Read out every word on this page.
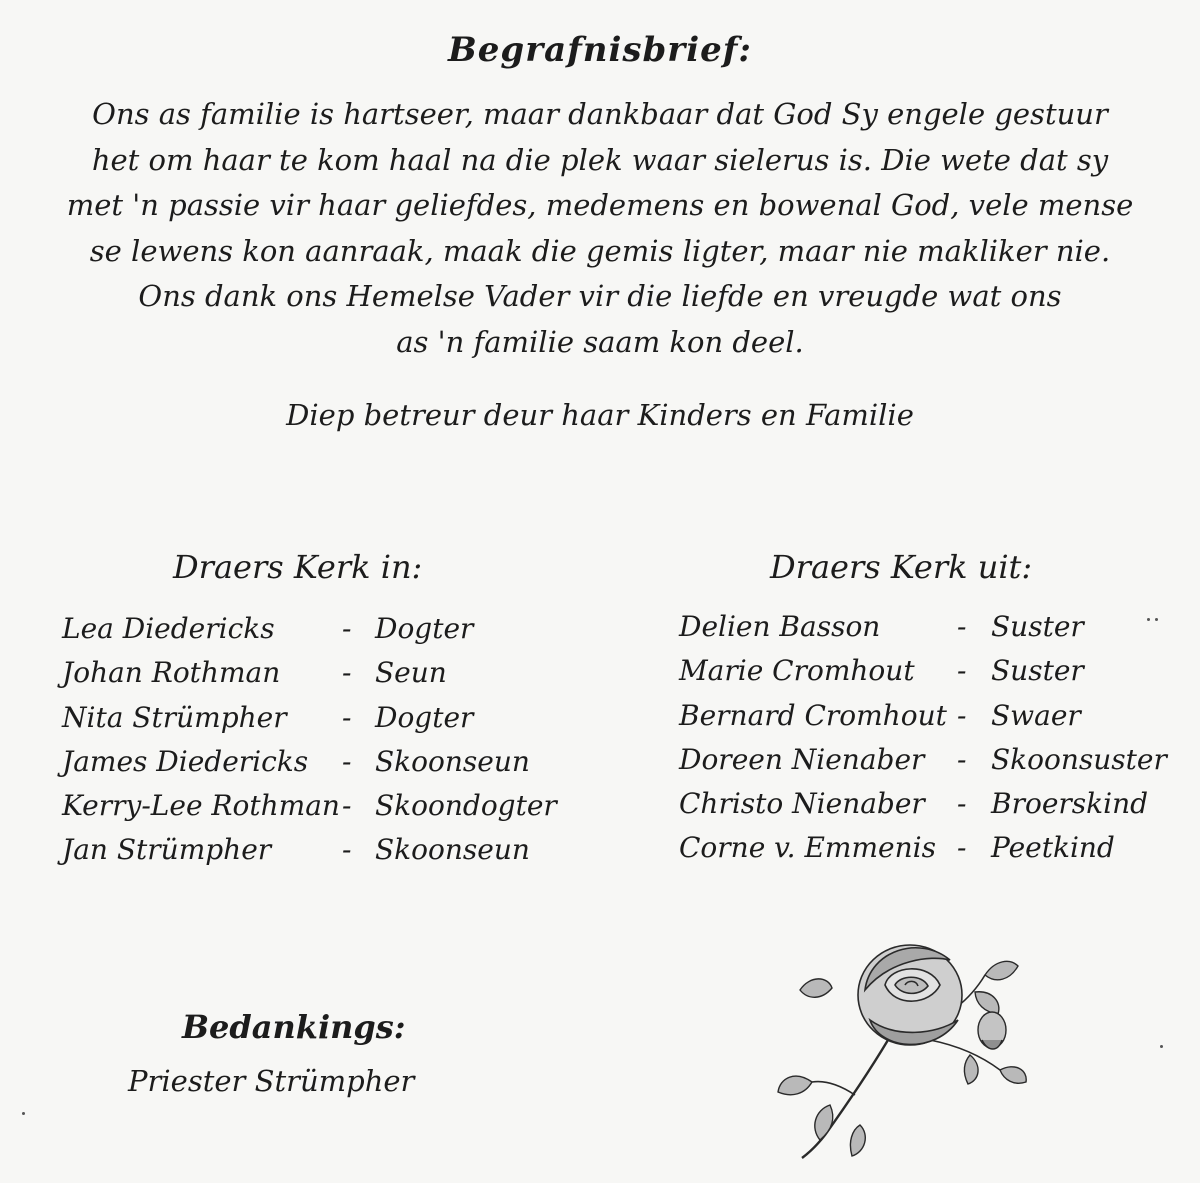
Begrafnisbrief:
Ons as familie is hartseer, maar dankbaar dat God Sy engele gestuur
het om haar te kom haal na die plek waar sielerus is. Die wete dat sy
met 'n passie vir haar geliefdes, medemens en bowenal God, vele mense
se lewens kon aanraak, maak die gemis ligter, maar nie makliker nie.
Ons dank ons Hemelse Vader vir die liefde en vreugde wat ons
as 'n familie saam kon deel.
Diep betreur deur haar Kinders en Familie
Draers Kerk in:
Lea Diedericks - Dogter
Johan Rothman - Seun
Nita Strümpher - Dogter
James Diedericks - Skoonseun
Kerry-Lee Rothman - Skoondogter
Jan Strümpher	- Skoonseun
Draers Kerk uit:
Delien Basson	- Suster
Marie Cromhout - Suster
Bernard Cromhout - Swaer
Doreen Nienaber - Skoonsuster
Christo Nienaber - Broerskind
Corne v. Emmenis - Peetkind
Bedankings:
Priester Strümpher
